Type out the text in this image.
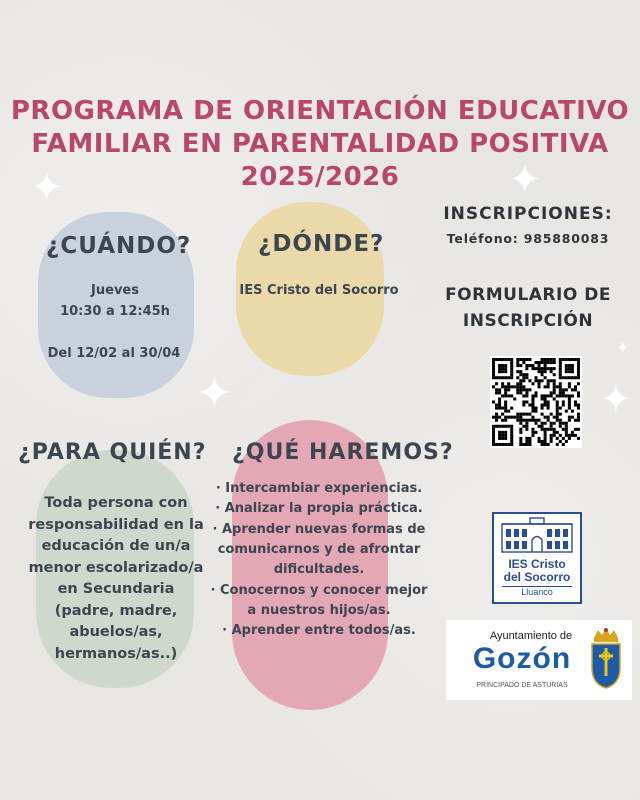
✦	✦
✦	✦
✦
PROGRAMA DE ORIENTACIÓN EDUCATIVO
FAMILIAR EN PARENTALIDAD POSITIVA
2025/2026
¿CUÁNDO?
Jueves
10:30 a 12:45h
Del 12/02 al 30/04
¿DÓNDE?
IES Cristo del Socorro
INSCRIPCIONES:
Teléfono: 985880083
FORMULARIO DE
INSCRIPCIÓN
¿PARA QUIÉN?
Toda persona con
responsabilidad en la
educación de un/a
menor escolarizado/a
en Secundaria
(padre, madre,
abuelos/as,
hermanos/as..)
¿QUÉ HAREMOS?
· Intercambiar experiencias.
· Analizar la propia práctica.
· Aprender nuevas formas de
comunicarnos y de afrontar
dificultades.
· Conocernos y conocer mejor
a nuestros hijos/as.
· Aprender entre todos/as.
IES Cristo
del Socorro
Lluanco
Ayuntamiento de
Gozón
PRINCIPADO DE ASTURIAS
